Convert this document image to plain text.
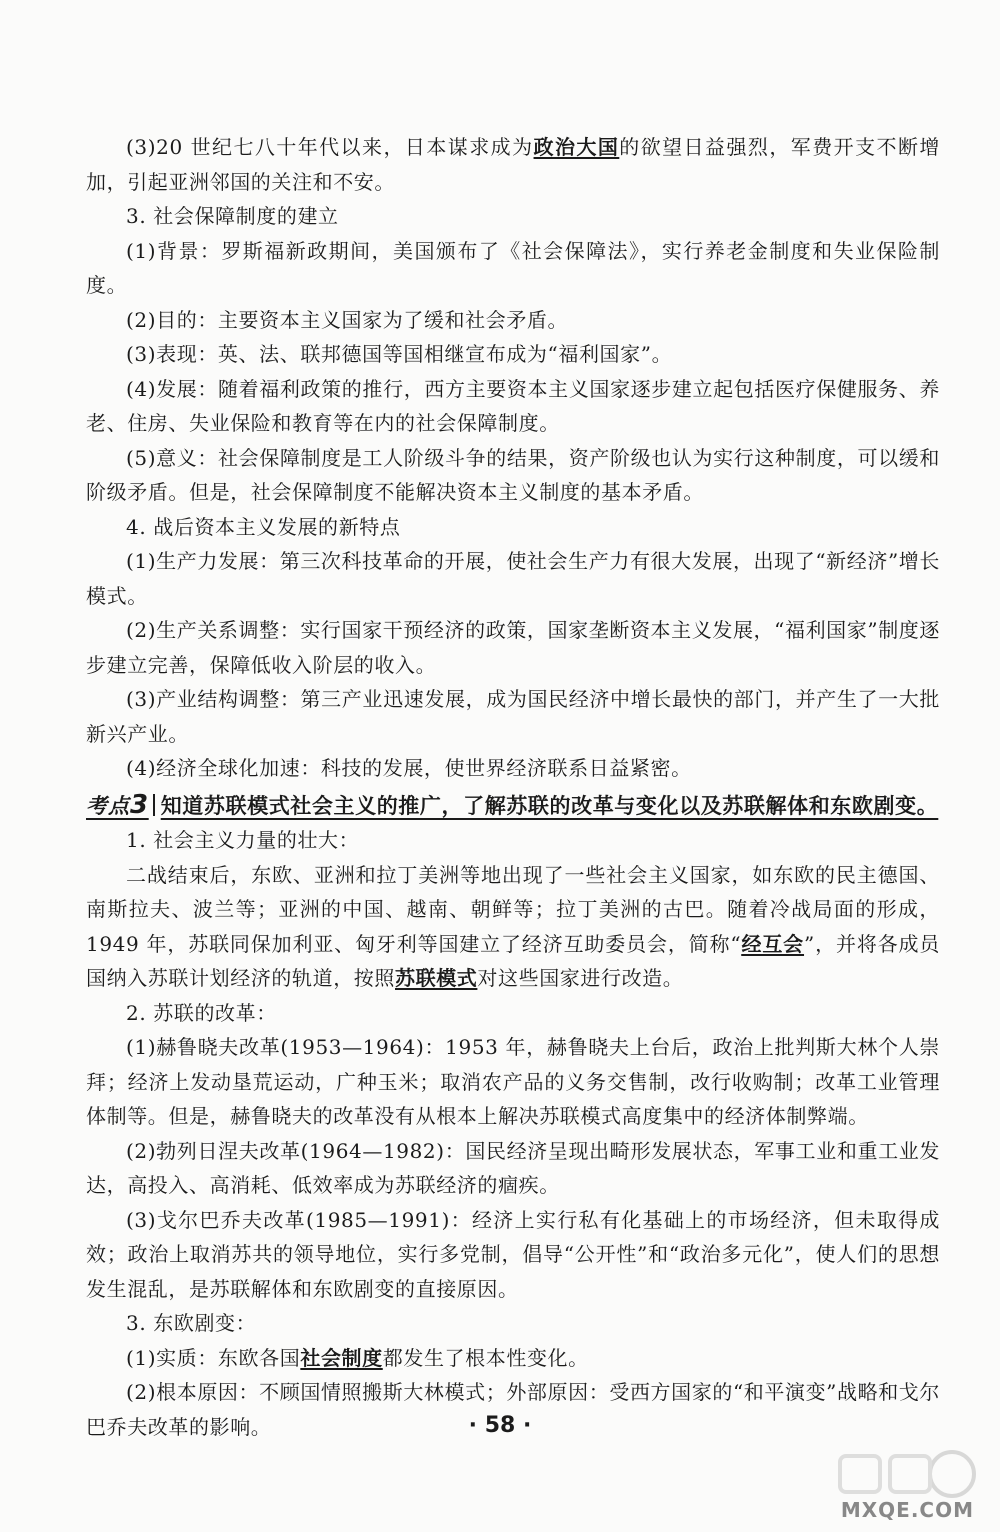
(3)20 世纪七八十年代以来，日本谋求成为政治大国的欲望日益强烈，军费开支不断增加，引起亚洲邻国的关注和不安。

3. 社会保障制度的建立

(1)背景：罗斯福新政期间，美国颁布了《社会保障法》，实行养老金制度和失业保险制度。

(2)目的：主要资本主义国家为了缓和社会矛盾。

(3)表现：英、法、联邦德国等国相继宣布成为“福利国家”。

(4)发展：随着福利政策的推行，西方主要资本主义国家逐步建立起包括医疗保健服务、养老、住房、失业保险和教育等在内的社会保障制度。

(5)意义：社会保障制度是工人阶级斗争的结果，资产阶级也认为实行这种制度，可以缓和阶级矛盾。但是，社会保障制度不能解决资本主义制度的基本矛盾。

4. 战后资本主义发展的新特点

(1)生产力发展：第三次科技革命的开展，使社会生产力有很大发展，出现了“新经济”增长模式。

(2)生产关系调整：实行国家干预经济的政策，国家垄断资本主义发展，“福利国家”制度逐步建立完善，保障低收入阶层的收入。

(3)产业结构调整：第三产业迅速发展，成为国民经济中增长最快的部门，并产生了一大批新兴产业。

(4)经济全球化加速：科技的发展，使世界经济联系日益紧密。

考点3 知道苏联模式社会主义的推广，了解苏联的改革与变化以及苏联解体和东欧剧变。

1. 社会主义力量的壮大：

二战结束后，东欧、亚洲和拉丁美洲等地出现了一些社会主义国家，如东欧的民主德国、南斯拉夫、波兰等；亚洲的中国、越南、朝鲜等；拉丁美洲的古巴。随着冷战局面的形成，1949 年，苏联同保加利亚、匈牙利等国建立了经济互助委员会，简称“经互会”，并将各成员国纳入苏联计划经济的轨道，按照苏联模式对这些国家进行改造。

2. 苏联的改革：

(1)赫鲁晓夫改革(1953—1964)：1953 年，赫鲁晓夫上台后，政治上批判斯大林个人崇拜；经济上发动垦荒运动，广种玉米；取消农产品的义务交售制，改行收购制；改革工业管理体制等。但是，赫鲁晓夫的改革没有从根本上解决苏联模式高度集中的经济体制弊端。

(2)勃列日涅夫改革(1964—1982)：国民经济呈现出畸形发展状态，军事工业和重工业发达，高投入、高消耗、低效率成为苏联经济的痼疾。

(3)戈尔巴乔夫改革(1985—1991)：经济上实行私有化基础上的市场经济，但未取得成效；政治上取消苏共的领导地位，实行多党制，倡导“公开性”和“政治多元化”，使人们的思想发生混乱，是苏联解体和东欧剧变的直接原因。

3. 东欧剧变：

(1)实质：东欧各国社会制度都发生了根本性变化。

(2)根本原因：不顾国情照搬斯大林模式；外部原因：受西方国家的“和平演变”战略和戈尔巴乔夫改革的影响。	· 58 ·
MXQE.COM
